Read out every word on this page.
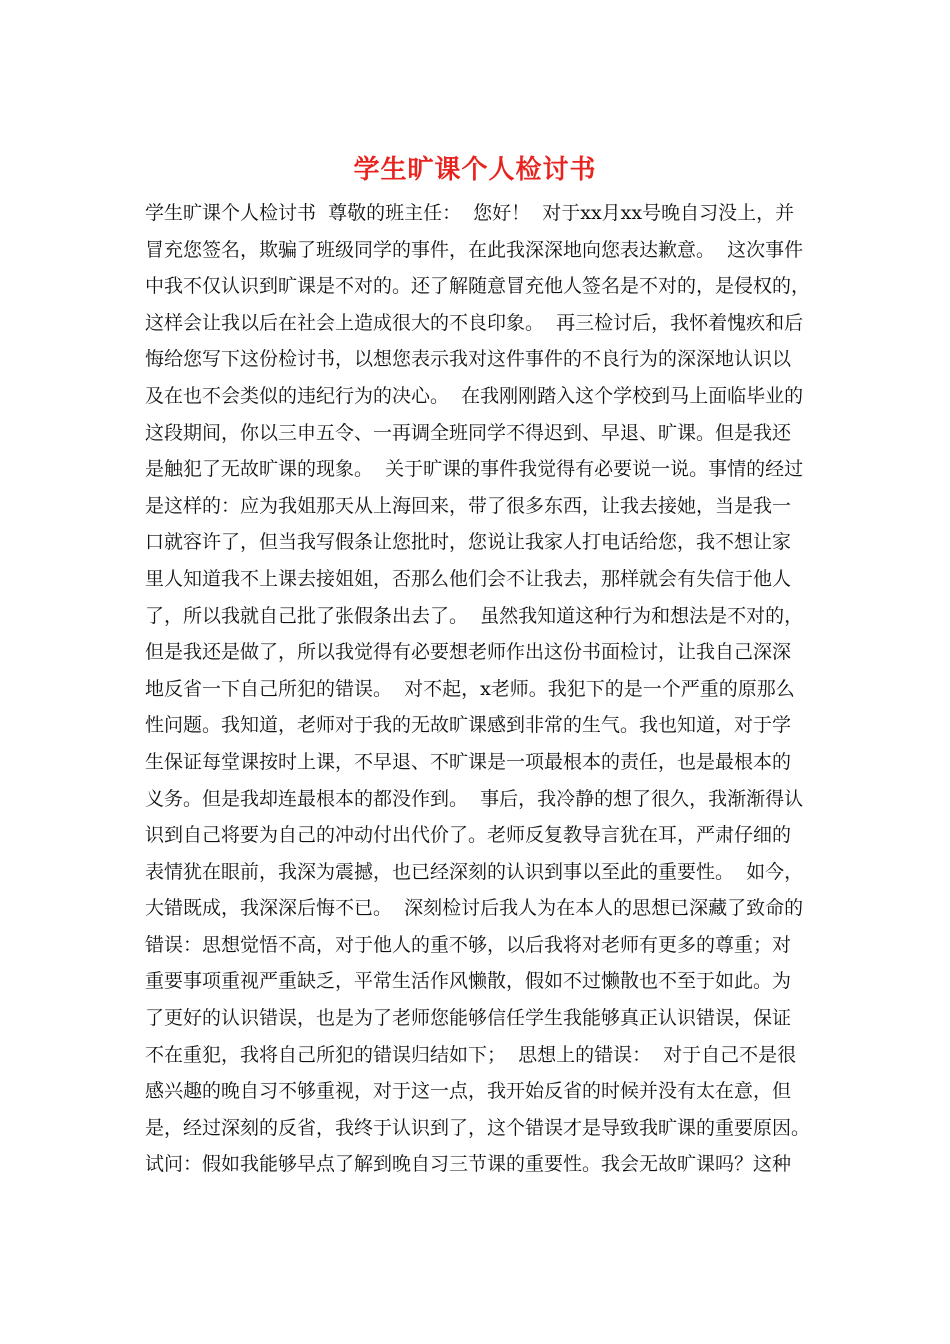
学生旷课个人检讨书
学生旷课个人检讨书  尊敬的班主任：  您好！  对于xx月xx号晚自习没上，并
冒充您签名，欺骗了班级同学的事件，在此我深深地向您表达歉意。  这次事件
中我不仅认识到旷课是不对的。还了解随意冒充他人签名是不对的，是侵权的，
这样会让我以后在社会上造成很大的不良印象。  再三检讨后，我怀着愧疚和后
悔给您写下这份检讨书，以想您表示我对这件事件的不良行为的深深地认识以
及在也不会类似的违纪行为的决心。  在我刚刚踏入这个学校到马上面临毕业的
这段期间，你以三申五令、一再调全班同学不得迟到、早退、旷课。但是我还
是触犯了无故旷课的现象。  关于旷课的事件我觉得有必要说一说。事情的经过
是这样的：应为我姐那天从上海回来，带了很多东西，让我去接她，当是我一
口就容许了，但当我写假条让您批时，您说让我家人打电话给您，我不想让家
里人知道我不上课去接姐姐，否那么他们会不让我去，那样就会有失信于他人
了，所以我就自己批了张假条出去了。  虽然我知道这种行为和想法是不对的，
但是我还是做了，所以我觉得有必要想老师作出这份书面检讨，让我自己深深
地反省一下自己所犯的错误。  对不起，x老师。我犯下的是一个严重的原那么
性问题。我知道，老师对于我的无故旷课感到非常的生气。我也知道，对于学
生保证每堂课按时上课，不早退、不旷课是一项最根本的责任，也是最根本的
义务。但是我却连最根本的都没作到。  事后，我冷静的想了很久，我渐渐得认
识到自己将要为自己的冲动付出代价了。老师反复教导言犹在耳，严肃仔细的
表情犹在眼前，我深为震撼，也已经深刻的认识到事以至此的重要性。  如今，
大错既成，我深深后悔不已。  深刻检讨后我人为在本人的思想已深藏了致命的
错误：思想觉悟不高，对于他人的重不够，以后我将对老师有更多的尊重；对
重要事项重视严重缺乏，平常生活作风懒散，假如不过懒散也不至于如此。为
了更好的认识错误，也是为了老师您能够信任学生我能够真正认识错误，保证
不在重犯，我将自己所犯的错误归结如下；  思想上的错误：  对于自己不是很
感兴趣的晚自习不够重视，对于这一点，我开始反省的时候并没有太在意，但
是，经过深刻的反省，我终于认识到了，这个错误才是导致我旷课的重要原因。
试问：假如我能够早点了解到晚自习三节课的重要性。我会无故旷课吗？这种
